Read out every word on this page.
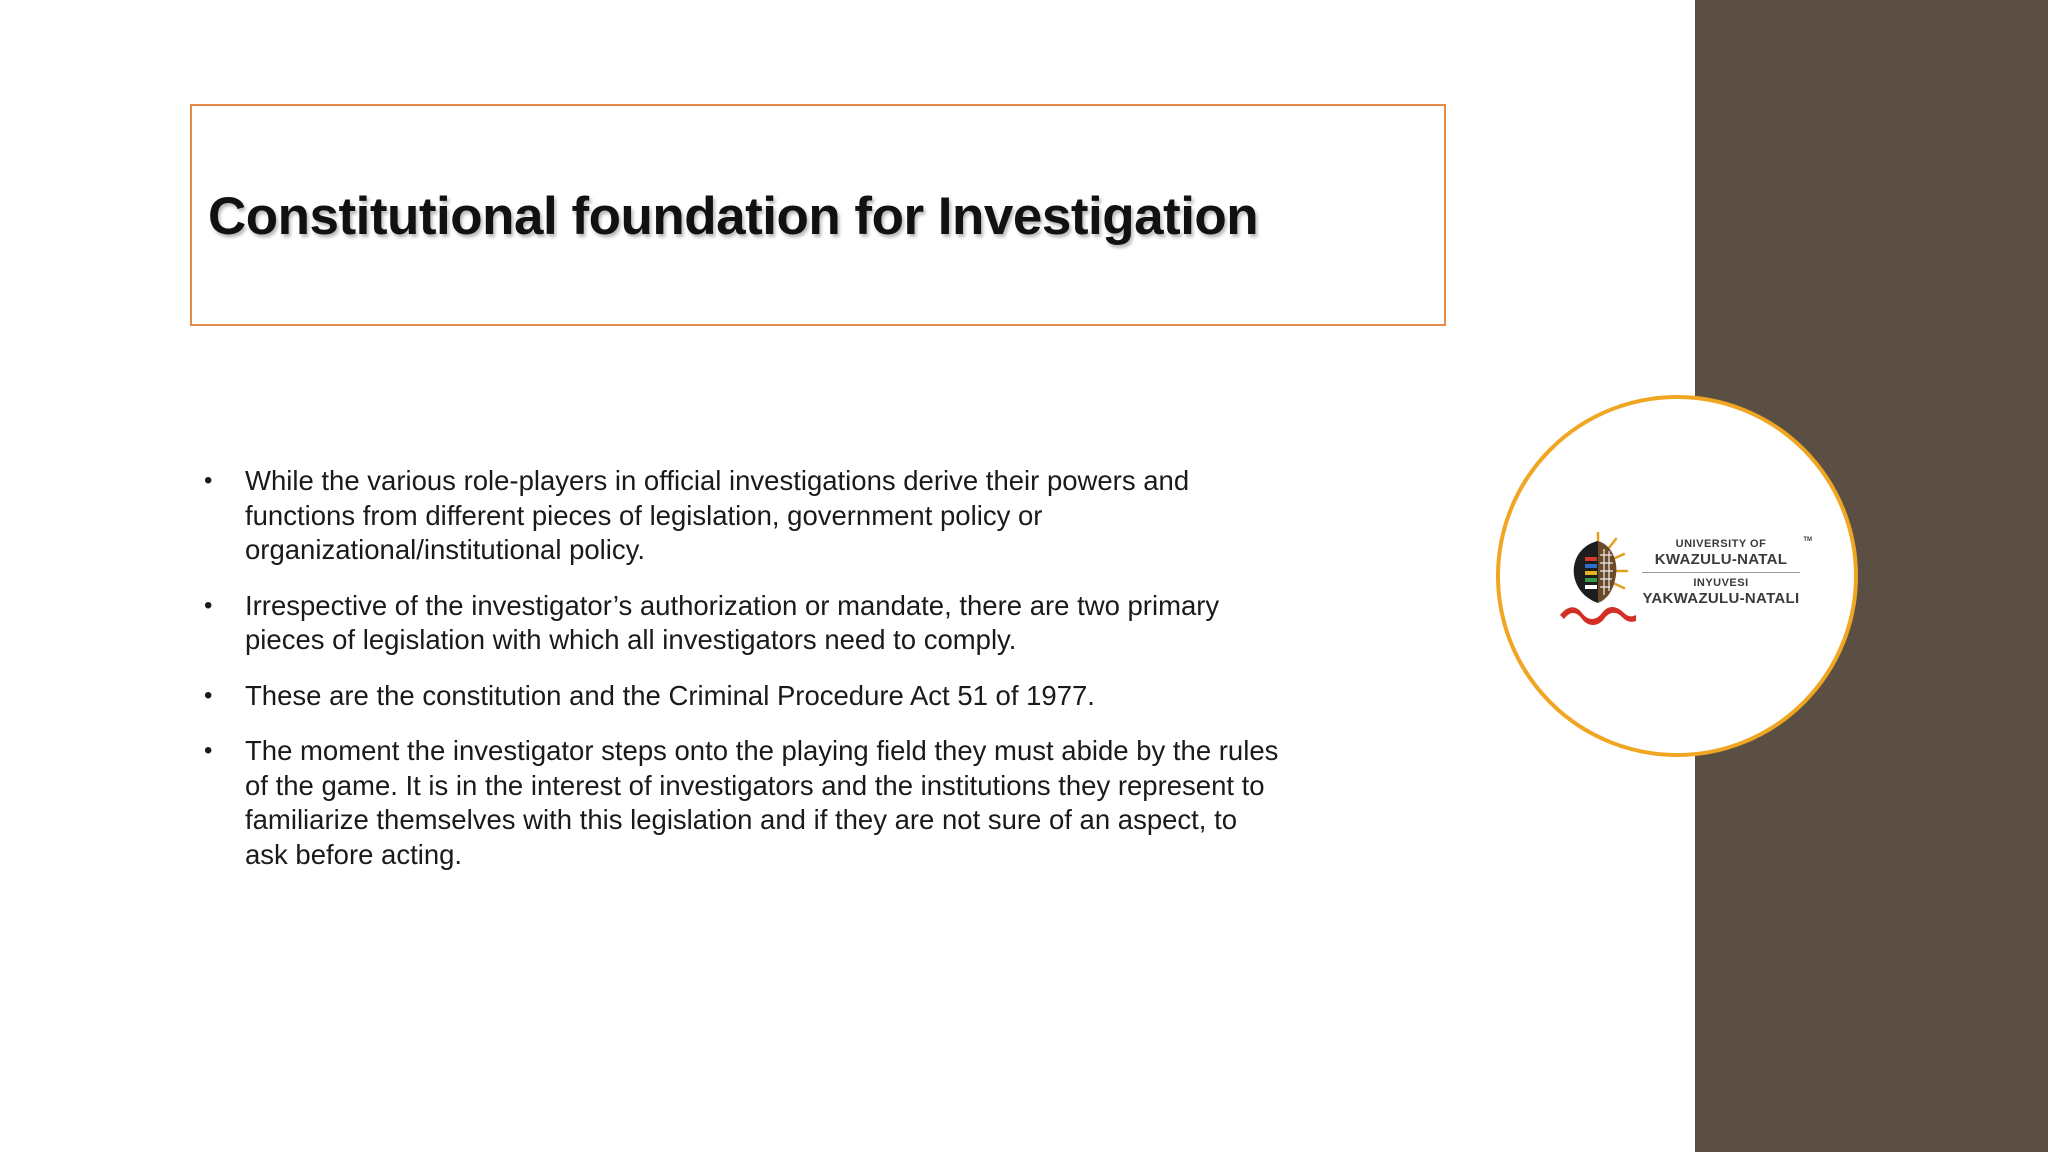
Constitutional foundation for Investigation
• While the various role-players in official investigations derive their powers and functions from different pieces of legislation, government policy or organizational/institutional policy.
• Irrespective of the investigator’s authorization or mandate, there are two primary pieces of legislation with which all investigators need to comply.
• These are the constitution and the Criminal Procedure Act 51 of 1977.
• The moment the investigator steps onto the playing field they must abide by the rules of the game. It is in the interest of investigators and the institutions they represent to familiarize themselves with this legislation and if they are not sure of an aspect, to ask before acting.
TM
UNIVERSITY OF
KWAZULU-NATAL
INYUVESI
YAKWAZULU-NATALI
